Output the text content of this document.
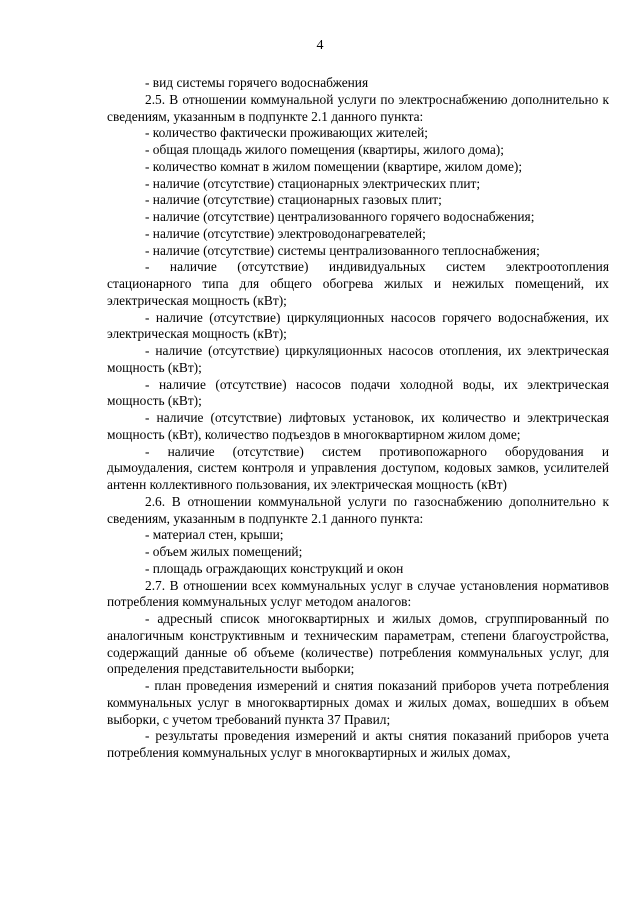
4

- вид системы горячего водоснабжения

2.5. В отношении коммунальной услуги по электроснабжению дополнительно к сведениям, указанным в подпункте 2.1 данного пункта:

- количество фактически проживающих жителей;

- общая площадь жилого помещения (квартиры, жилого дома);

- количество комнат в жилом помещении (квартире, жилом доме);

- наличие (отсутствие) стационарных электрических плит;

- наличие (отсутствие) стационарных газовых плит;

- наличие (отсутствие) централизованного горячего водоснабжения;

- наличие (отсутствие) электроводонагревателей;

- наличие (отсутствие) системы централизованного теплоснабжения;

- наличие (отсутствие) индивидуальных систем электроотопления стационарного типа для общего обогрева жилых и нежилых помещений, их электрическая мощность (кВт);

- наличие (отсутствие) циркуляционных насосов горячего водоснабжения, их электрическая мощность (кВт);

- наличие (отсутствие) циркуляционных насосов отопления, их электрическая мощность (кВт);

- наличие (отсутствие) насосов подачи холодной воды, их электрическая мощность (кВт);

- наличие (отсутствие) лифтовых установок, их количество и электрическая мощность (кВт), количество подъездов в многоквартирном жилом доме;

- наличие (отсутствие) систем противопожарного оборудования и дымоудаления, систем контроля и управления доступом, кодовых замков, усилителей антенн коллективного пользования, их электрическая мощность (кВт)

2.6. В отношении коммунальной услуги по газоснабжению дополнительно к сведениям, указанным в подпункте 2.1 данного пункта:

- материал стен, крыши;

- объем жилых помещений;

- площадь ограждающих конструкций и окон

2.7. В отношении всех коммунальных услуг в случае установления нормативов потребления коммунальных услуг методом аналогов:

- адресный список многоквартирных и жилых домов, сгруппированный по аналогичным конструктивным и техническим параметрам, степени благоустройства, содержащий данные об объеме (количестве) потребления коммунальных услуг, для определения представительности выборки;

- план проведения измерений и снятия показаний приборов учета потребления коммунальных услуг в многоквартирных домах и жилых домах, вошедших в объем выборки, с учетом требований пункта 37 Правил;

- результаты проведения измерений и акты снятия показаний приборов учета потребления коммунальных услуг в многоквартирных и жилых домах,
